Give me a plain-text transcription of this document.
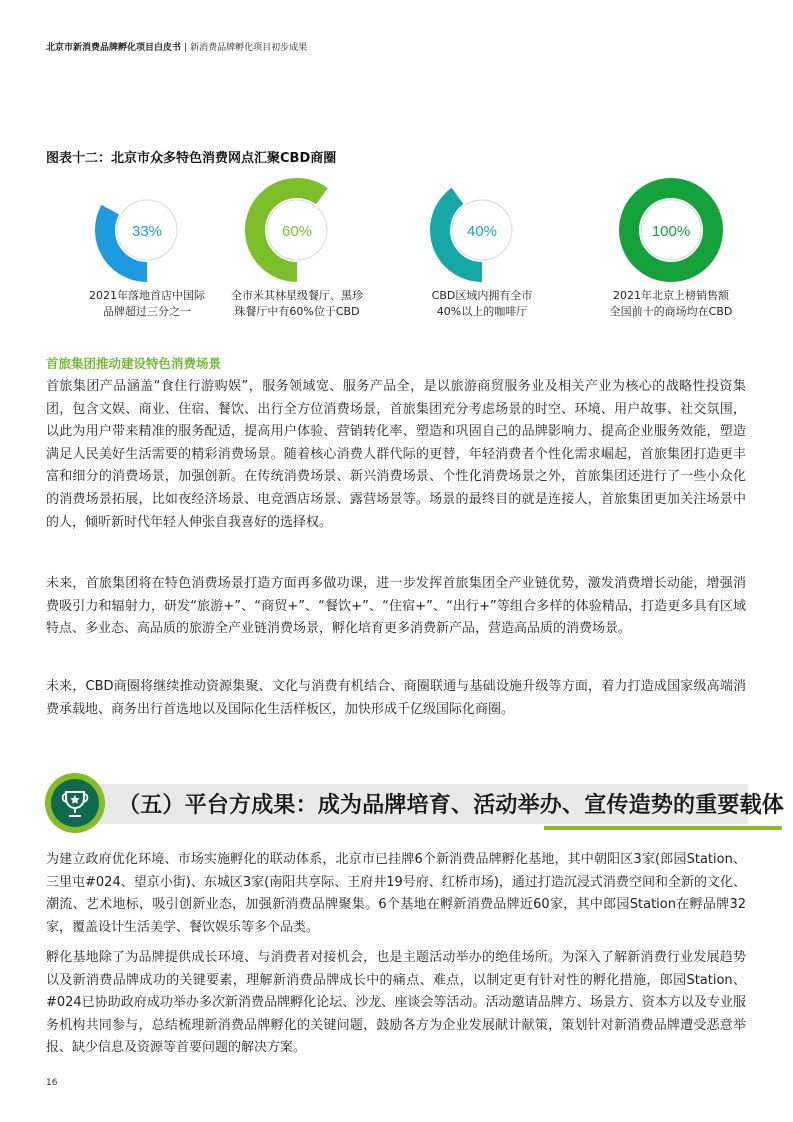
北京市新消费品牌孵化项目白皮书 | 新消费品牌孵化项目初步成果
图表十二：北京市众多特色消费网点汇聚CBD商圈
33%
2021年落地首店中国际
品牌超过三分之一
60%
全市米其林星级餐厅、黑珍
珠餐厅中有60%位于CBD
40%
CBD区域内拥有全市
40%以上的咖啡厅
100%
2021年北京上榜销售额
全国前十的商场均在CBD
首旅集团推动建设特色消费场景
首旅集团产品涵盖“食住行游购娱”，服务领域宽、服务产品全，是以旅游商贸服务业及相关产业为核心的战略性投资集团，包含文娱、商业、住宿、餐饮、出行全方位消费场景，首旅集团充分考虑场景的时空、环境、用户故事、社交氛围，以此为用户带来精准的服务配适，提高用户体验、营销转化率、塑造和巩固自己的品牌影响力、提高企业服务效能，塑造满足人民美好生活需要的精彩消费场景。随着核心消费人群代际的更替，年轻消费者个性化需求崛起，首旅集团打造更丰富和细分的消费场景，加强创新。在传统消费场景、新兴消费场景、个性化消费场景之外，首旅集团还进行了一些小众化的消费场景拓展，比如夜经济场景、电竞酒店场景、露营场景等。场景的最终目的就是连接人，首旅集团更加关注场景中的人，倾听新时代年轻人伸张自我喜好的选择权。
未来，首旅集团将在特色消费场景打造方面再多做功课，进一步发挥首旅集团全产业链优势，激发消费增长动能，增强消费吸引力和辐射力，研发“旅游+”、“商贸+”、“餐饮+”、“住宿+”、“出行+”等组合多样的体验精品，打造更多具有区域特点、多业态、高品质的旅游全产业链消费场景，孵化培育更多消费新产品，营造高品质的消费场景。
未来，CBD商圈将继续推动资源集聚、文化与消费有机结合、商圈联通与基础设施升级等方面，着力打造成国家级高端消费承载地、商务出行首选地以及国际化生活样板区，加快形成千亿级国际化商圈。
（五）平台方成果：成为品牌培育、活动举办、宣传造势的重要载体
为建立政府优化环境、市场实施孵化的联动体系，北京市已挂牌6个新消费品牌孵化基地，其中朝阳区3家(郎园Station、三里屯#024、望京小街)、东城区3家(南阳共享际、王府井19号府、红桥市场)，通过打造沉浸式消费空间和全新的文化、潮流、艺术地标，吸引创新业态，加强新消费品牌聚集。6个基地在孵新消费品牌近60家，其中郎园Station在孵品牌32家，覆盖设计生活美学、餐饮娱乐等多个品类。
孵化基地除了为品牌提供成长环境、与消费者对接机会，也是主题活动举办的绝佳场所。为深入了解新消费行业发展趋势以及新消费品牌成功的关键要素，理解新消费品牌成长中的痛点、难点，以制定更有针对性的孵化措施，郎园Station、#024已协助政府成功举办多次新消费品牌孵化论坛、沙龙、座谈会等活动。活动邀请品牌方、场景方、资本方以及专业服务机构共同参与，总结梳理新消费品牌孵化的关键问题，鼓励各方为企业发展献计献策，策划针对新消费品牌遭受恶意举报、缺少信息及资源等首要问题的解决方案。
16
